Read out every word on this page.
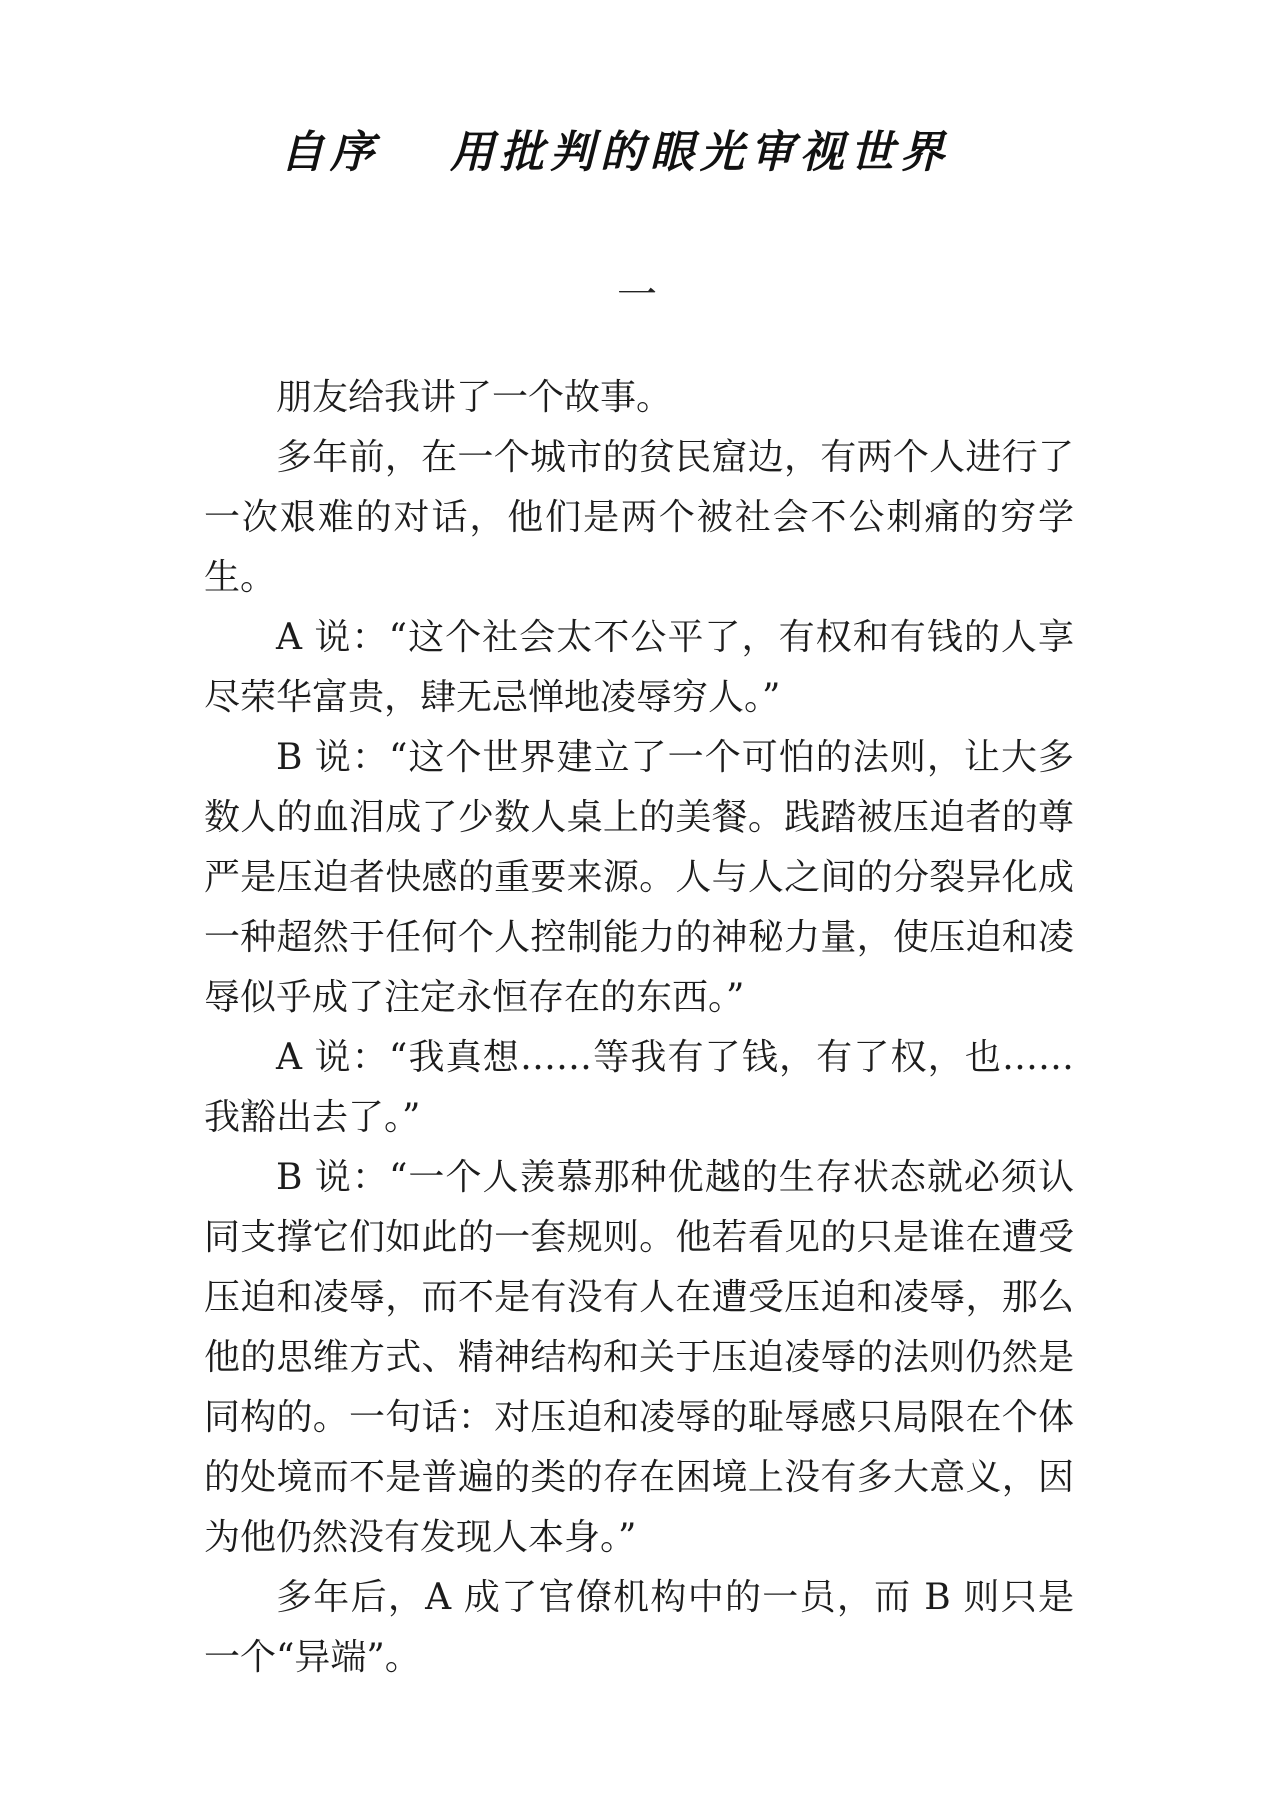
自序 用批判的眼光审视世界
一

朋友给我讲了一个故事。

多年前，在一个城市的贫民窟边，有两个人进行了一次艰难的对话，他们是两个被社会不公刺痛的穷学生。

A 说：“这个社会太不公平了，有权和有钱的人享尽荣华富贵，肆无忌惮地凌辱穷人。”

B 说：“这个世界建立了一个可怕的法则，让大多数人的血泪成了少数人桌上的美餐。践踏被压迫者的尊严是压迫者快感的重要来源。人与人之间的分裂异化成一种超然于任何个人控制能力的神秘力量，使压迫和凌辱似乎成了注定永恒存在的东西。”

A 说：“我真想……等我有了钱，有了权，也……我豁出去了。”

B 说：“一个人羡慕那种优越的生存状态就必须认同支撑它们如此的一套规则。他若看见的只是谁在遭受压迫和凌辱，而不是有没有人在遭受压迫和凌辱，那么他的思维方式、精神结构和关于压迫凌辱的法则仍然是同构的。一句话：对压迫和凌辱的耻辱感只局限在个体的处境而不是普遍的类的存在困境上没有多大意义，因为他仍然没有发现人本身。”

多年后，A 成了官僚机构中的一员，而 B 则只是一个“异端”。
